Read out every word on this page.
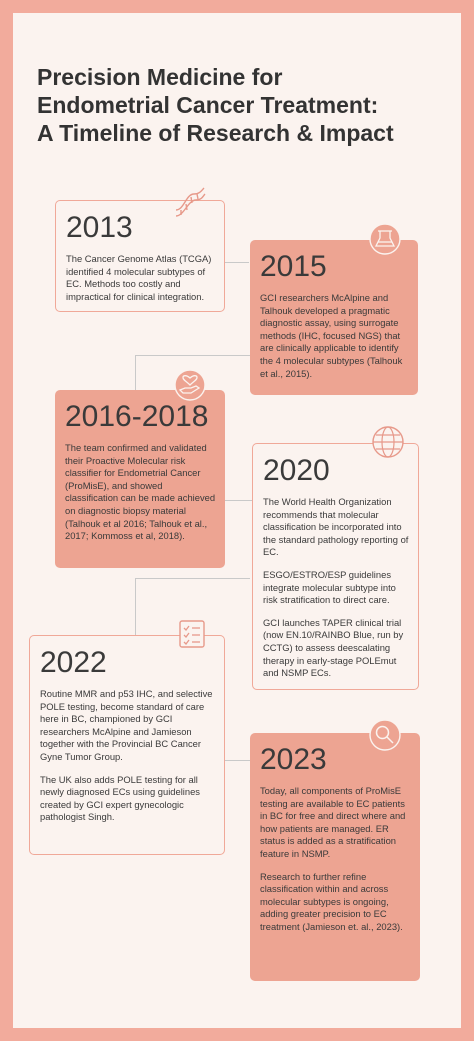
Precision Medicine for
Endometrial Cancer Treatment:
A Timeline of Research & Impact
2013
The Cancer Genome Atlas (TCGA) identified 4 molecular subtypes of EC. Methods too costly and impractical for clinical integration.
2015
GCI researchers McAlpine and Talhouk developed a pragmatic diagnostic assay, using surrogate methods (IHC, focused NGS) that are clinically applicable to identify the 4 molecular subtypes (Talhouk et al., 2015).
2016-2018
The team confirmed and validated their Proactive Molecular risk classifier for Endometrial Cancer (ProMisE), and showed classification can be made achieved on diagnostic biopsy material (Talhouk et al 2016; Talhouk et al., 2017; Kommoss et al, 2018).
2020
The World Health Organization recommends that molecular classification be incorporated into the standard pathology reporting of EC.
ESGO/ESTRO/ESP guidelines integrate molecular subtype into risk stratification to direct care.
GCI launches TAPER clinical trial (now EN.10/RAINBO Blue, run by CCTG) to assess deescalating therapy in early-stage POLEmut and NSMP ECs.
2022
Routine MMR and p53 IHC, and selective POLE testing, become standard of care here in BC, championed by GCI researchers McAlpine and Jamieson together with the Provincial BC Cancer Gyne Tumor Group.
The UK also adds POLE testing for all newly diagnosed ECs using guidelines created by GCI expert gynecologic pathologist Singh.
2023
Today, all components of ProMisE testing are available to EC patients in BC for free and direct where and how patients are managed. ER status is added as a stratification feature in NSMP.
Research to further refine classification within and across molecular subtypes is ongoing, adding greater precision to EC treatment (Jamieson et. al., 2023).
